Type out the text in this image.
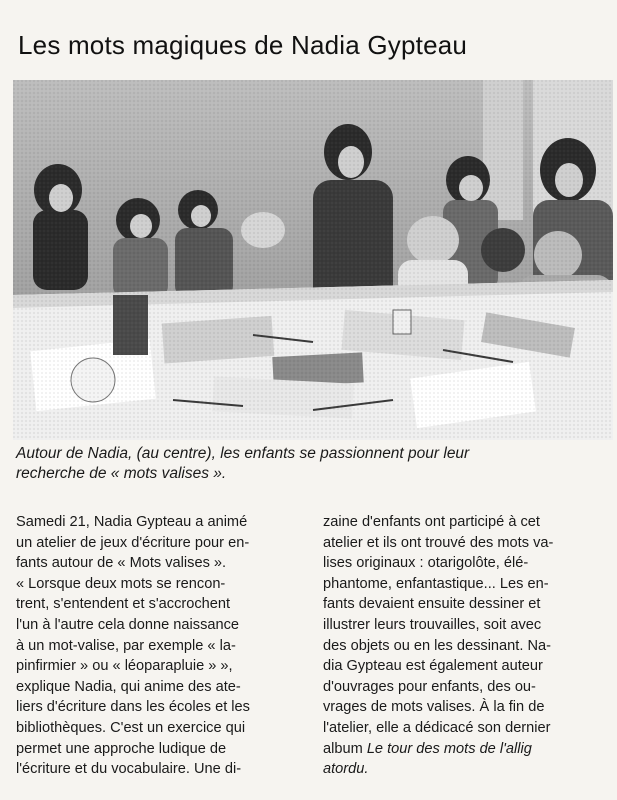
Les mots magiques de Nadia Gypteau

Autour de Nadia, (au centre), les enfants se passionnent pour leur
recherche de « mots valises ».

Samedi 21, Nadia Gypteau a animé
un atelier de jeux d'écriture pour en-
fants autour de « Mots valises ».
« Lorsque deux mots se rencon-
trent, s'entendent et s'accrochent
l'un à l'autre cela donne naissance
à un mot-valise, par exemple « la-
pinfirmier » ou « léoparapluie » »,
explique Nadia, qui anime des ate-
liers d'écriture dans les écoles et les
bibliothèques. C'est un exercice qui
permet une approche ludique de
l'écriture et du vocabulaire. Une di-
zaine d'enfants ont participé à cet
atelier et ils ont trouvé des mots va-
lises originaux : otarigolôte, élé-
phantome, enfantastique... Les en-
fants devaient ensuite dessiner et
illustrer leurs trouvailles, soit avec
des objets ou en les dessinant. Na-
dia Gypteau est également auteur
d'ouvrages pour enfants, des ou-
vrages de mots valises. À la fin de
l'atelier, elle a dédicacé son dernier
album Le tour des mots de l'allig
atordu.
